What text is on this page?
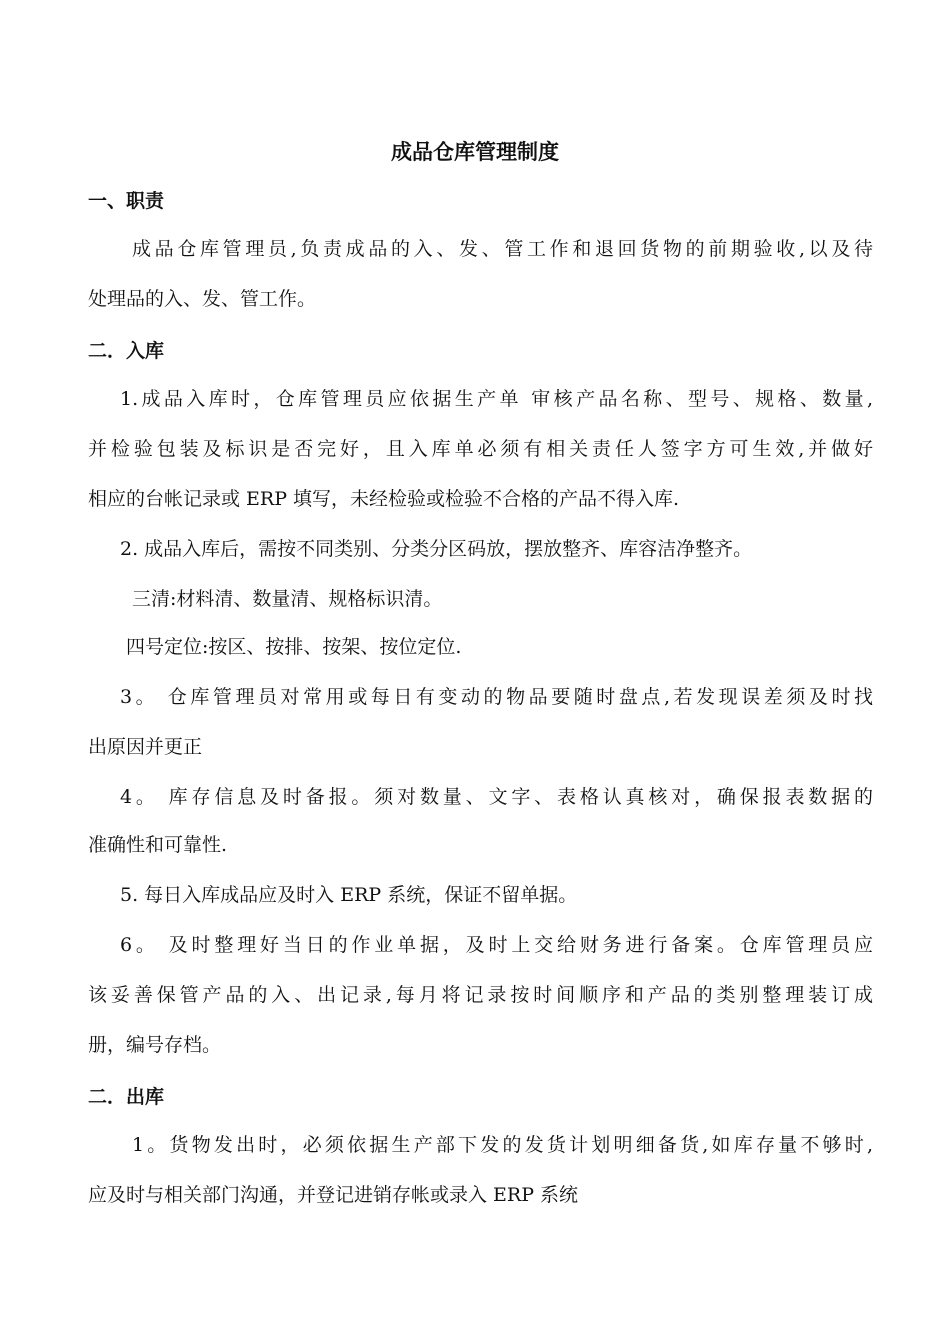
成品仓库管理制度
一、职责
成品仓库管理员,负责成品的入、发、管工作和退回货物的前期验收,以及待
处理品的入、发、管工作。
二．入库
1.成品入库时，仓库管理员应依据生产单 审核产品名称、型号、规格、数量,
并检验包装及标识是否完好，且入库单必须有相关责任人签字方可生效,并做好
相应的台帐记录或 ERP 填写，未经检验或检验不合格的产品不得入库.
2. 成品入库后，需按不同类别、分类分区码放，摆放整齐、库容洁净整齐。
三清:材料清、数量清、规格标识清。
四号定位:按区、按排、按架、按位定位.
3。 仓库管理员对常用或每日有变动的物品要随时盘点,若发现误差须及时找
出原因并更正
4。 库存信息及时备报。须对数量、文字、表格认真核对，确保报表数据的
准确性和可靠性.
5. 每日入库成品应及时入 ERP 系统，保证不留单据。
6。 及时整理好当日的作业单据，及时上交给财务进行备案。仓库管理员应
该妥善保管产品的入、出记录,每月将记录按时间顺序和产品的类别整理装订成
册，编号存档。
二．出库
1。货物发出时，必须依据生产部下发的发货计划明细备货,如库存量不够时,
应及时与相关部门沟通，并登记进销存帐或录入 ERP 系统
